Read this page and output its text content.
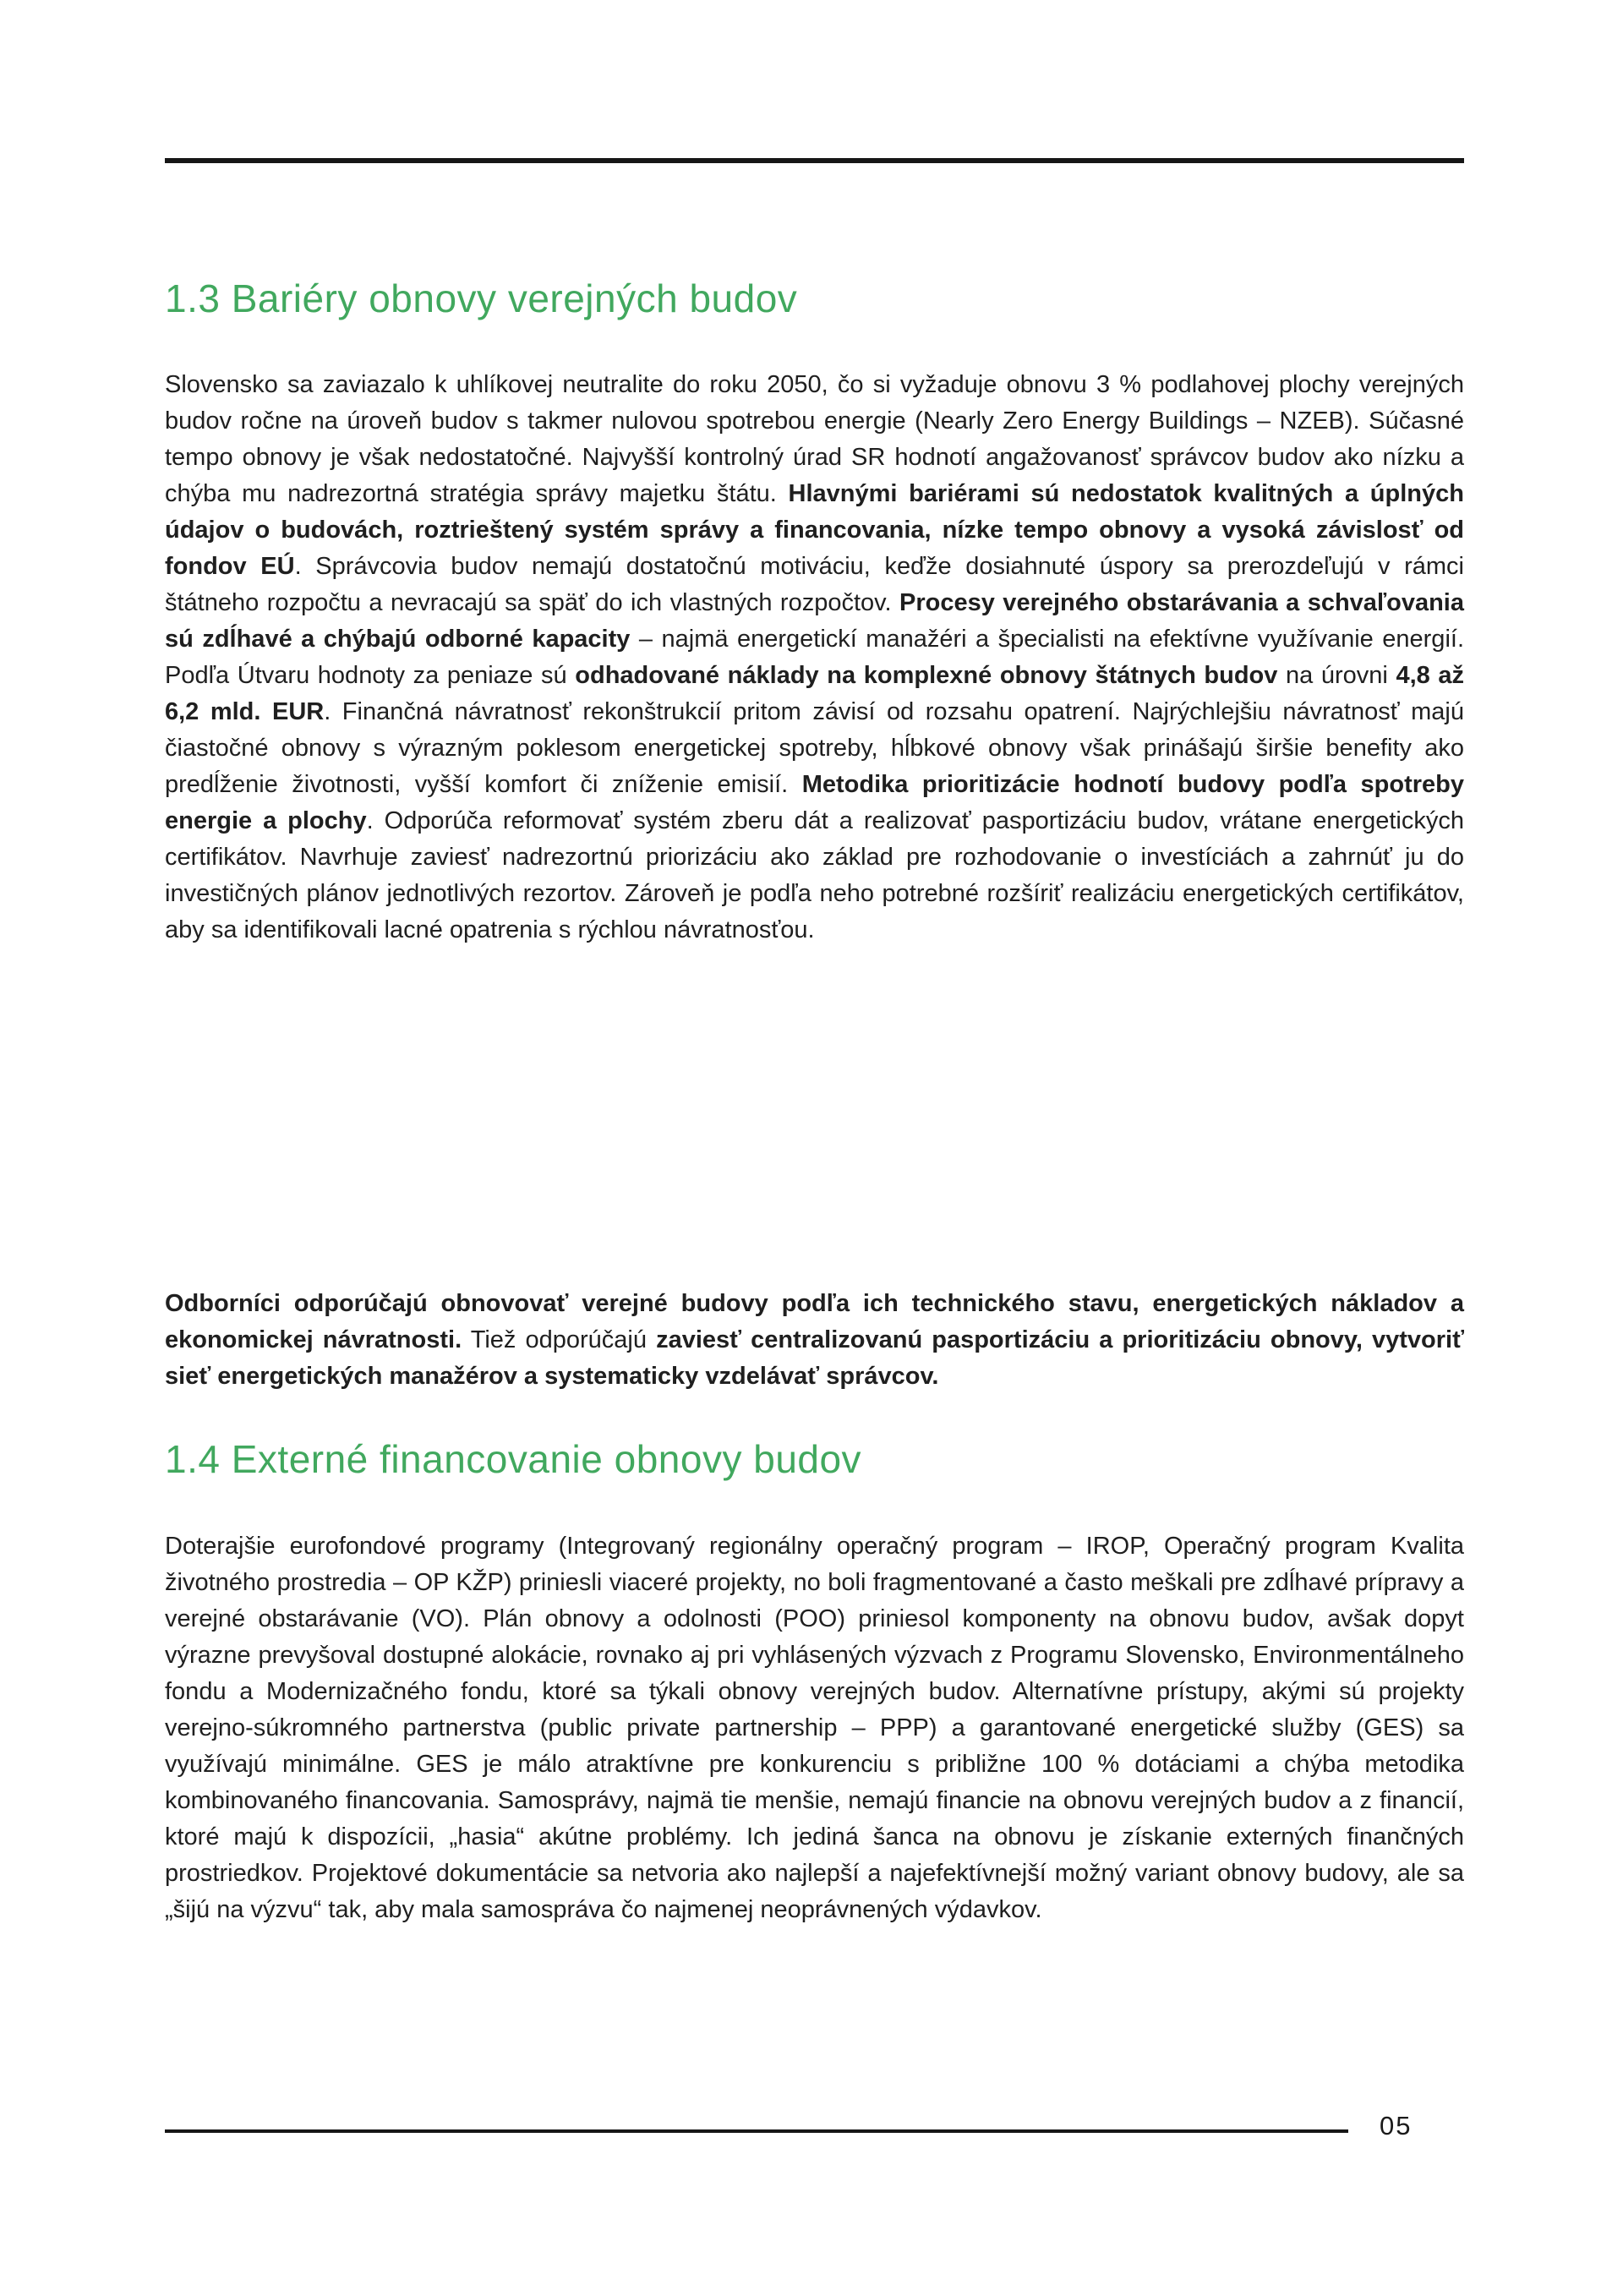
1.3 Bariéry obnovy verejných budov

Slovensko sa zaviazalo k uhlíkovej neutralite do roku 2050, čo si vyžaduje obnovu 3 % podlahovej plochy verejných budov ročne na úroveň budov s takmer nulovou spotrebou energie (Nearly Zero Energy Buildings – NZEB). Súčasné tempo obnovy je však nedostatočné. Najvyšší kontrolný úrad SR hodnotí angažovanosť správcov budov ako nízku a chýba mu nadrezortná stratégia správy majetku štátu. Hlavnými bariérami sú nedostatok kvalitných a úplných údajov o budovách, roztrieštený systém správy a financovania, nízke tempo obnovy a vysoká závislosť od fondov EÚ. Správcovia budov nemajú dostatočnú motiváciu, keďže dosiahnuté úspory sa prerozdeľujú v rámci štátneho rozpočtu a nevracajú sa späť do ich vlastných rozpočtov. Procesy verejného obstarávania a schvaľovania sú zdĺhavé a chýbajú odborné kapacity – najmä energetickí manažéri a špecialisti na efektívne využívanie energií. Podľa Útvaru hodnoty za peniaze sú odhadované náklady na komplexné obnovy štátnych budov na úrovni 4,8 až 6,2 mld. EUR. Finančná návratnosť rekonštrukcií pritom závisí od rozsahu opatrení. Najrýchlejšiu návratnosť majú čiastočné obnovy s výrazným poklesom energetickej spotreby, hĺbkové obnovy však prinášajú širšie benefity ako predĺženie životnosti, vyšší komfort či zníženie emisií. Metodika prioritizácie hodnotí budovy podľa spotreby energie a plochy. Odporúča reformovať systém zberu dát a realizovať pasportizáciu budov, vrátane energetických certifikátov. Navrhuje zaviesť nadrezortnú priorizáciu ako základ pre rozhodovanie o investíciách a zahrnúť ju do investičných plánov jednotlivých rezortov. Zároveň je podľa neho potrebné rozšíriť realizáciu energetických certifikátov, aby sa identifikovali lacné opatrenia s rýchlou návratnosťou.

Odborníci odporúčajú obnovovať verejné budovy podľa ich technického stavu, energetických nákladov a ekonomickej návratnosti. Tiež odporúčajú zaviesť centralizovanú pasportizáciu a prioritizáciu obnovy, vytvoriť sieť energetických manažérov a systematicky vzdelávať správcov.

1.4 Externé financovanie obnovy budov

Doterajšie eurofondové programy (Integrovaný regionálny operačný program – IROP, Operačný program Kvalita životného prostredia – OP KŽP) priniesli viaceré projekty, no boli fragmentované a často meškali pre zdĺhavé prípravy a verejné obstarávanie (VO). Plán obnovy a odolnosti (POO) priniesol komponenty na obnovu budov, avšak dopyt výrazne prevyšoval dostupné alokácie, rovnako aj pri vyhlásených výzvach z Programu Slovensko, Environmentálneho fondu a Modernizačného fondu, ktoré sa týkali obnovy verejných budov. Alternatívne prístupy, akými sú projekty verejno-súkromného partnerstva (public private partnership – PPP) a garantované energetické služby (GES) sa využívajú minimálne. GES je málo atraktívne pre konkurenciu s približne 100 % dotáciami a chýba metodika kombinovaného financovania. Samosprávy, najmä tie menšie, nemajú financie na obnovu verejných budov a z financií, ktoré majú k dispozícii, „hasia“ akútne problémy. Ich jediná šanca na obnovu je získanie externých finančných prostriedkov. Projektové dokumentácie sa netvoria ako najlepší a najefektívnejší možný variant obnovy budovy, ale sa „šijú na výzvu“ tak, aby mala samospráva čo najmenej neoprávnených výdavkov.

05
